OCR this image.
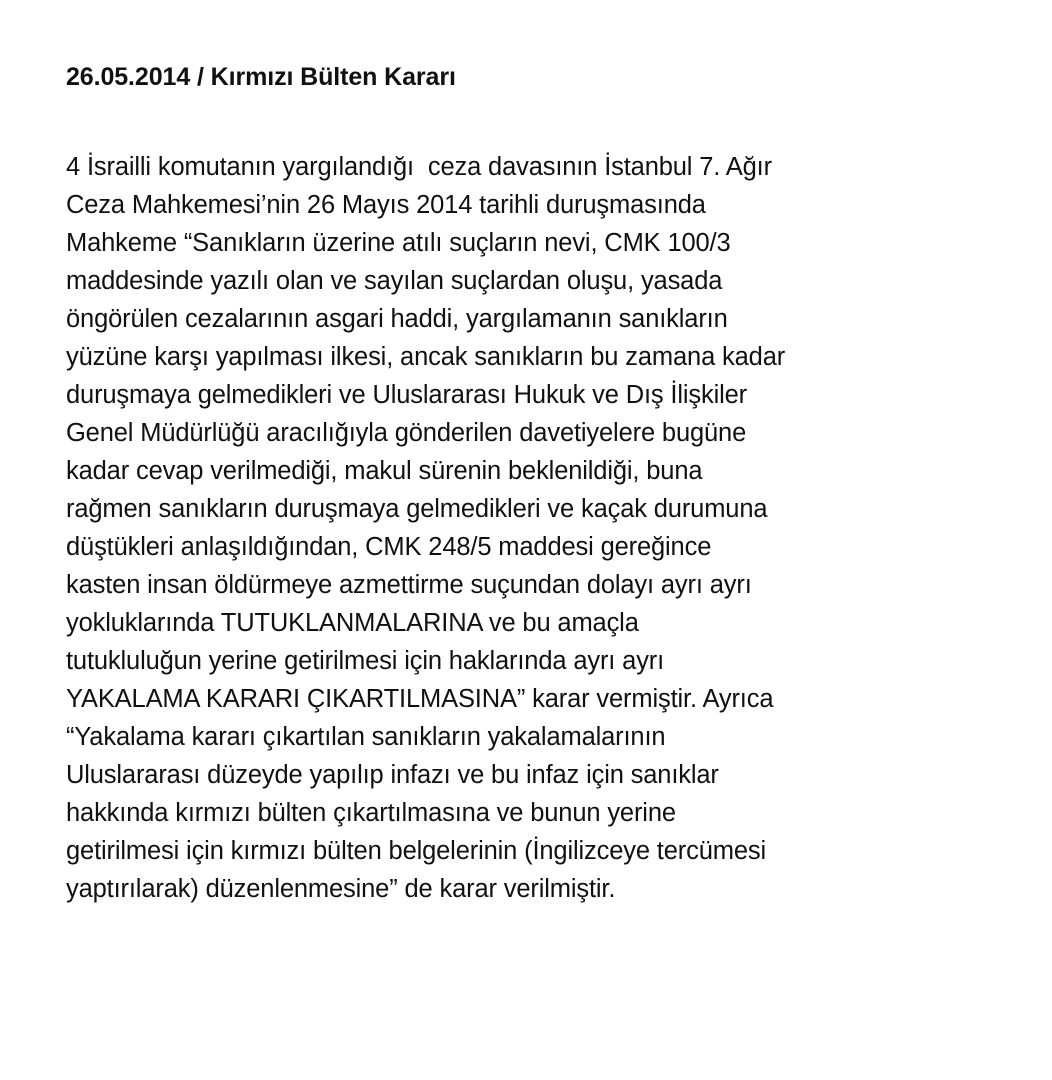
26.05.2014 / Kırmızı Bülten Kararı

4 İsrailli komutanın yargılandığı  ceza davasının İstanbul 7. Ağır
Ceza Mahkemesi’nin 26 Mayıs 2014 tarihli duruşmasında
Mahkeme “Sanıkların üzerine atılı suçların nevi, CMK 100/3
maddesinde yazılı olan ve sayılan suçlardan oluşu, yasada
öngörülen cezalarının asgari haddi, yargılamanın sanıkların
yüzüne karşı yapılması ilkesi, ancak sanıkların bu zamana kadar
duruşmaya gelmedikleri ve Uluslararası Hukuk ve Dış İlişkiler
Genel Müdürlüğü aracılığıyla gönderilen davetiyelere bugüne
kadar cevap verilmediği, makul sürenin beklenildiği, buna
rağmen sanıkların duruşmaya gelmedikleri ve kaçak durumuna
düştükleri anlaşıldığından, CMK 248/5 maddesi gereğince
kasten insan öldürmeye azmettirme suçundan dolayı ayrı ayrı
yokluklarında TUTUKLANMALARINA ve bu amaçla
tutukluluğun yerine getirilmesi için haklarında ayrı ayrı
YAKALAMA KARARI ÇIKARTILMASINA” karar vermiştir. Ayrıca
“Yakalama kararı çıkartılan sanıkların yakalamalarının
Uluslararası düzeyde yapılıp infazı ve bu infaz için sanıklar
hakkında kırmızı bülten çıkartılmasına ve bunun yerine
getirilmesi için kırmızı bülten belgelerinin (İngilizceye tercümesi
yaptırılarak) düzenlenmesine” de karar verilmiştir.
